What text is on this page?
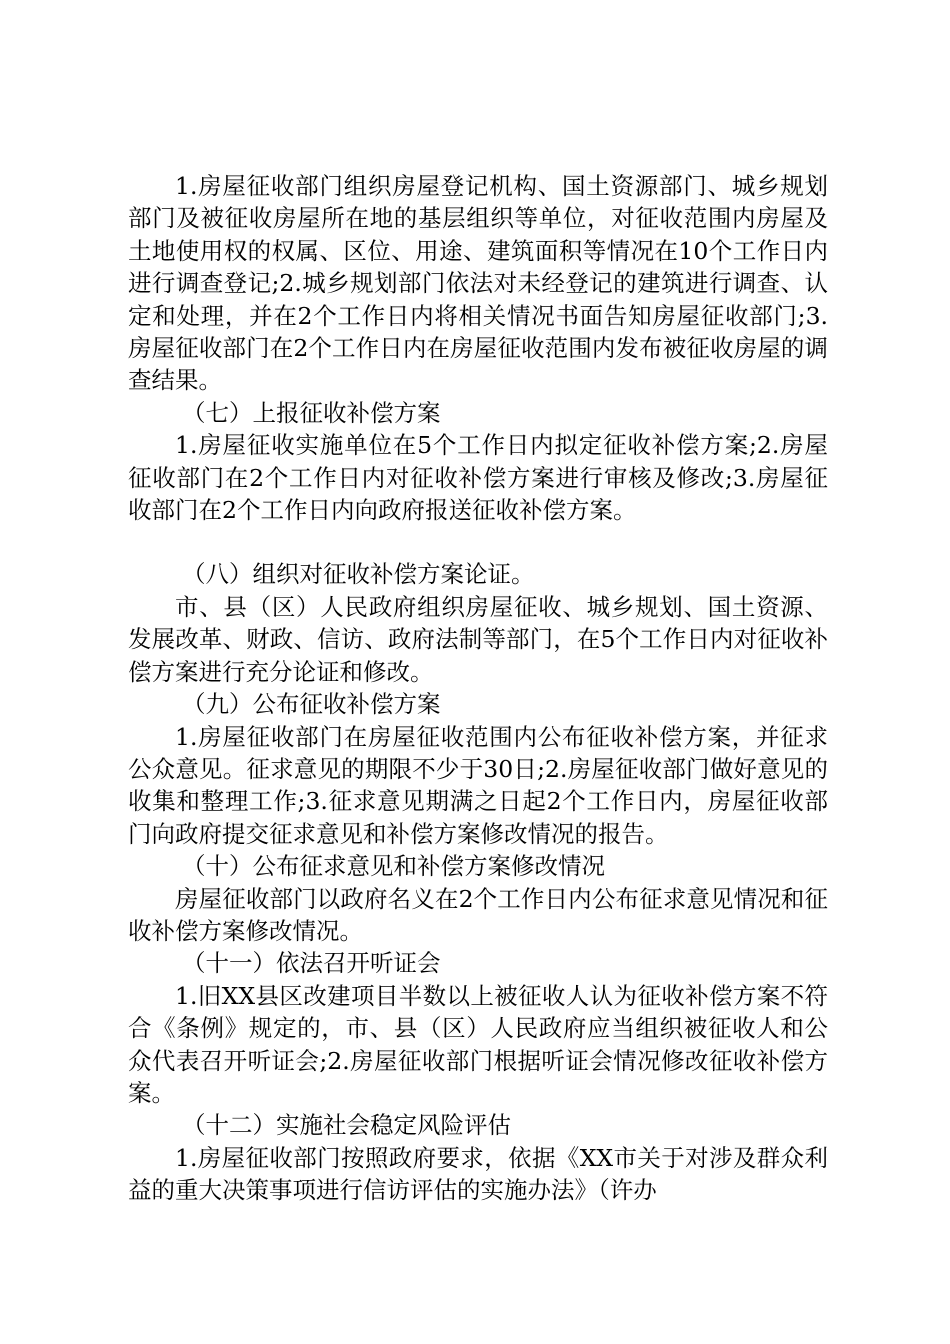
1.房屋征收部门组织房屋登记机构、国土资源部门、城乡规划部门及被征收房屋所在地的基层组织等单位，对征收范围内房屋及土地使用权的权属、区位、用途、建筑面积等情况在10个工作日内进行调查登记;2.城乡规划部门依法对未经登记的建筑进行调查、认定和处理，并在2个工作日内将相关情况书面告知房屋征收部门;3.房屋征收部门在2个工作日内在房屋征收范围内发布被征收房屋的调查结果。

（七）上报征收补偿方案

1.房屋征收实施单位在5个工作日内拟定征收补偿方案;2.房屋征收部门在2个工作日内对征收补偿方案进行审核及修改;3.房屋征收部门在2个工作日内向政府报送征收补偿方案。

（八）组织对征收补偿方案论证。

市、县（区）人民政府组织房屋征收、城乡规划、国土资源、发展改革、财政、信访、政府法制等部门，在5个工作日内对征收补偿方案进行充分论证和修改。

（九）公布征收补偿方案

1.房屋征收部门在房屋征收范围内公布征收补偿方案，并征求公众意见。征求意见的期限不少于30日;2.房屋征收部门做好意见的收集和整理工作;3.征求意见期满之日起2个工作日内，房屋征收部门向政府提交征求意见和补偿方案修改情况的报告。

（十）公布征求意见和补偿方案修改情况

房屋征收部门以政府名义在2个工作日内公布征求意见情况和征收补偿方案修改情况。

（十一）依法召开听证会

1.旧XX县区改建项目半数以上被征收人认为征收补偿方案不符合《条例》规定的，市、县（区）人民政府应当组织被征收人和公众代表召开听证会;2.房屋征收部门根据听证会情况修改征收补偿方案。

（十二）实施社会稳定风险评估

1.房屋征收部门按照政府要求，依据《XX市关于对涉及群众利益的重大决策事项进行信访评估的实施办法》（许办
